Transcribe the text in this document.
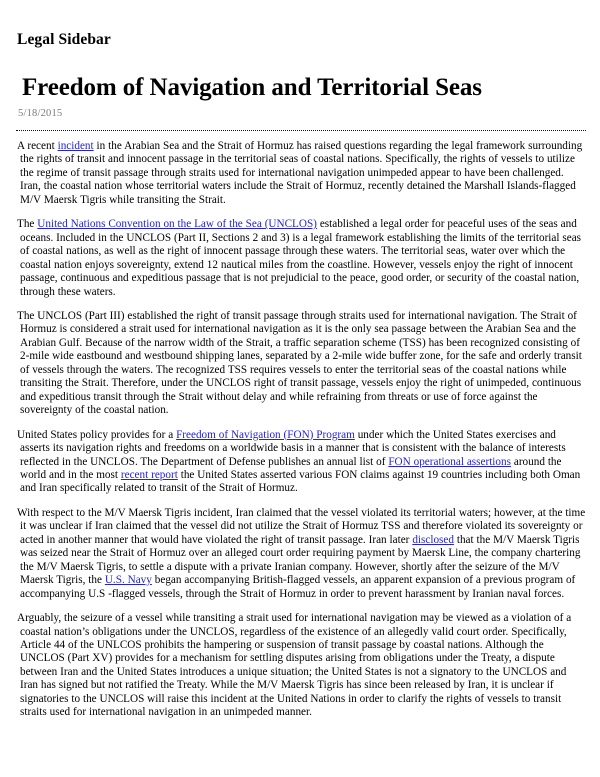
Legal Sidebar
Freedom of Navigation and Territorial Seas
5/18/2015

A recent incident in the Arabian Sea and the Strait of Hormuz has raised questions regarding the legal framework surrounding the rights of transit and innocent passage in the territorial seas of coastal nations. Specifically, the rights of vessels to utilize the regime of transit passage through straits used for international navigation unimpeded appear to have been challenged. Iran, the coastal nation whose territorial waters include the Strait of Hormuz, recently detained the Marshall Islands-flagged M/V Maersk Tigris while transiting the Strait.

The United Nations Convention on the Law of the Sea (UNCLOS) established a legal order for peaceful uses of the seas and oceans. Included in the UNCLOS (Part II, Sections 2 and 3) is a legal framework establishing the limits of the territorial seas of coastal nations, as well as the right of innocent passage through these waters. The territorial seas, water over which the coastal nation enjoys sovereignty, extend 12 nautical miles from the coastline. However, vessels enjoy the right of innocent passage, continuous and expeditious passage that is not prejudicial to the peace, good order, or security of the coastal nation, through these waters.

The UNCLOS (Part III) established the right of transit passage through straits used for international navigation. The Strait of Hormuz is considered a strait used for international navigation as it is the only sea passage between the Arabian Sea and the Arabian Gulf. Because of the narrow width of the Strait, a traffic separation scheme (TSS) has been recognized consisting of 2-mile wide eastbound and westbound shipping lanes, separated by a 2-mile wide buffer zone, for the safe and orderly transit of vessels through the waters. The recognized TSS requires vessels to enter the territorial seas of the coastal nations while transiting the Strait. Therefore, under the UNCLOS right of transit passage, vessels enjoy the right of unimpeded, continuous and expeditious transit through the Strait without delay and while refraining from threats or use of force against the sovereignty of the coastal nation.

United States policy provides for a Freedom of Navigation (FON) Program under which the United States exercises and asserts its navigation rights and freedoms on a worldwide basis in a manner that is consistent with the balance of interests reflected in the UNCLOS. The Department of Defense publishes an annual list of FON operational assertions around the world and in the most recent report the United States asserted various FON claims against 19 countries including both Oman and Iran specifically related to transit of the Strait of Hormuz.

With respect to the M/V Maersk Tigris incident, Iran claimed that the vessel violated its territorial waters; however, at the time it was unclear if Iran claimed that the vessel did not utilize the Strait of Hormuz TSS and therefore violated its sovereignty or acted in another manner that would have violated the right of transit passage. Iran later disclosed that the M/V Maersk Tigris was seized near the Strait of Hormuz over an alleged court order requiring payment by Maersk Line, the company chartering the M/V Maersk Tigris, to settle a dispute with a private Iranian company. However, shortly after the seizure of the M/V Maersk Tigris, the U.S. Navy began accompanying British-flagged vessels, an apparent expansion of a previous program of accompanying U.S -flagged vessels, through the Strait of Hormuz in order to prevent harassment by Iranian naval forces.

Arguably, the seizure of a vessel while transiting a strait used for international navigation may be viewed as a violation of a coastal nation’s obligations under the UNCLOS, regardless of the existence of an allegedly valid court order. Specifically, Article 44 of the UNLCOS prohibits the hampering or suspension of transit passage by coastal nations. Although the UNCLOS (Part XV) provides for a mechanism for settling disputes arising from obligations under the Treaty, a dispute between Iran and the United States introduces a unique situation; the United States is not a signatory to the UNCLOS and Iran has signed but not ratified the Treaty. While the M/V Maersk Tigris has since been released by Iran, it is unclear if signatories to the UNCLOS will raise this incident at the United Nations in order to clarify the rights of vessels to transit straits used for international navigation in an unimpeded manner.
